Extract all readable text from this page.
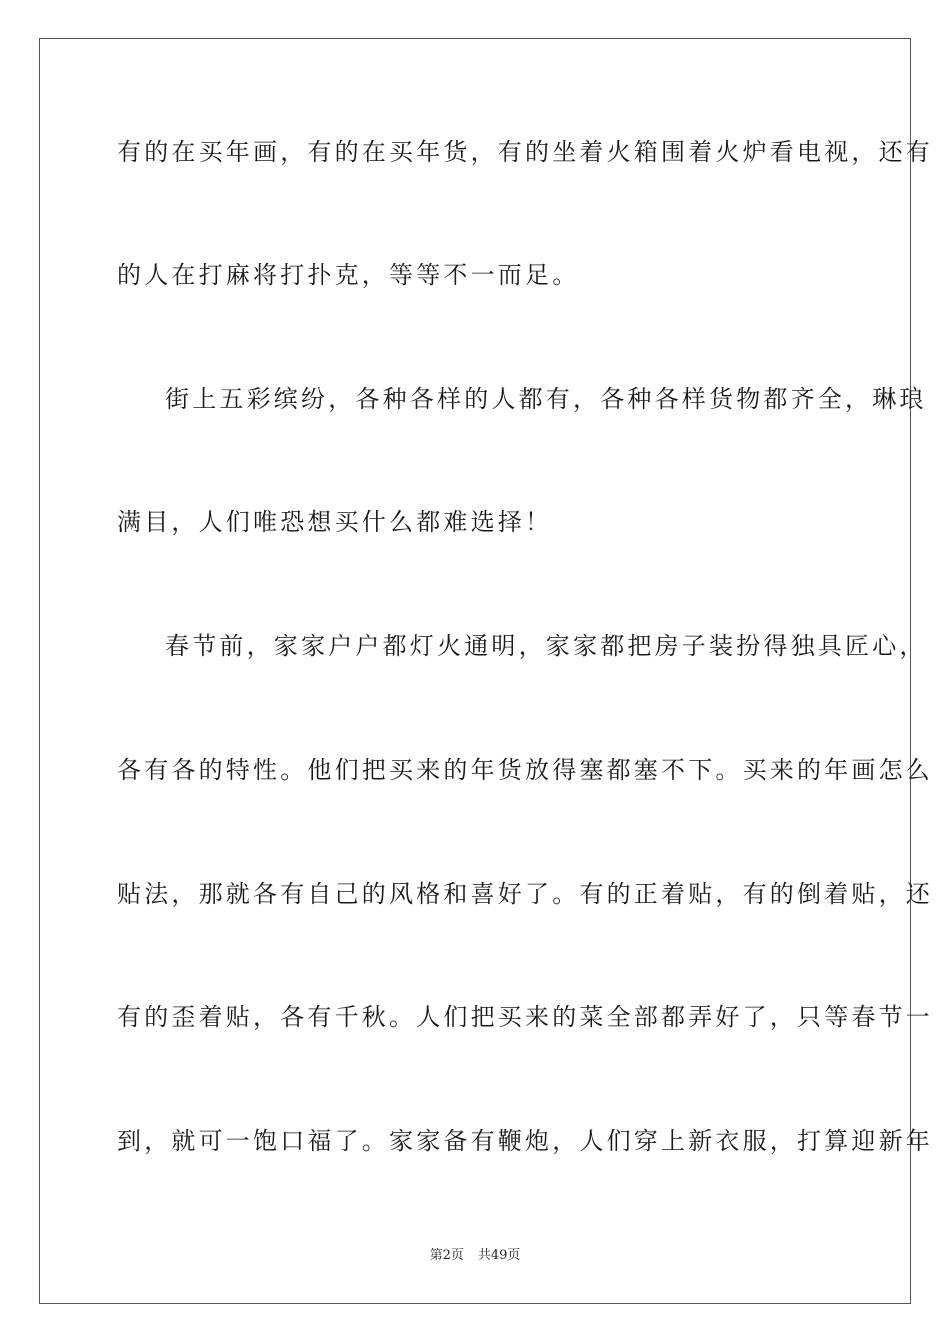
有的在买年画，有的在买年货，有的坐着火箱围着火炉看电视，还有
的人在打麻将打扑克，等等不一而足。
街上五彩缤纷，各种各样的人都有，各种各样货物都齐全，琳琅
满目，人们唯恐想买什么都难选择！
春节前，家家户户都灯火通明，家家都把房子装扮得独具匠心，
各有各的特性。他们把买来的年货放得塞都塞不下。买来的年画怎么
贴法，那就各有自己的风格和喜好了。有的正着贴，有的倒着贴，还
有的歪着贴，各有千秋。人们把买来的菜全部都弄好了，只等春节一
到，就可一饱口福了。家家备有鞭炮，人们穿上新衣服，打算迎新年
第2页 共49页
